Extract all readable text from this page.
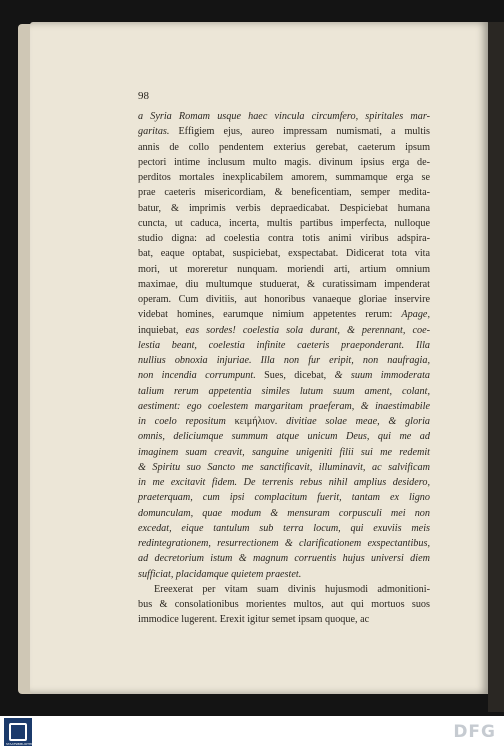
98
a Syria Romam usque haec vincula circumfero, spiritales mar-
garitas. Effigiem ejus, aureo impressam numismati, a multis
annis de collo pendentem exterius gerebat, caeterum ipsum
pectori intime inclusum multo magis. divinum ipsius erga de-
perditos mortales inexplicabilem amorem, summamque erga se
prae caeteris misericordiam, & beneficentiam, semper medita-
batur, & imprimis verbis depraedicabat. Despiciebat humana
cuncta, ut caduca, incerta, multis partibus imperfecta, nulloque
studio digna: ad coelestia contra totis animi viribus adspira-
bat, eaque optabat, suspiciebat, exspectabat. Didicerat tota vita
mori, ut moreretur nunquam. moriendi arti, artium omnium
maximae, diu multumque studuerat, & curatissimam impenderat
operam. Cum divitiis, aut honoribus vanaeque gloriae inservire
videbat homines, earumque nimium appetentes rerum: Apage,
inquiebat, eas sordes! coelestia sola durant, & perennant, coe-
lestia beant, coelestia infinite caeteris praeponderant. Illa
nullius obnoxia injuriae. Illa non fur eripit, non naufragia,
non incendia corrumpunt. Sues, dicebat, & suum immoderata
talium rerum appetentia similes lutum suum ament, colant,
aestiment: ego coelestem margaritam praeferam, & inaestimabile
in coelo repositum κειμήλιον. divitiae solae meae, & gloria
omnis, deliciumque summum atque unicum Deus, qui me ad
imaginem suam creavit, sanguine unigeniti filii sui me redemit
& Spiritu suo Sancto me sanctificavit, illuminavit, ac salvificam
in me excitavit fidem. De terrenis rebus nihil amplius desidero,
praeterquam, cum ipsi complacitum fuerit, tantam ex ligno
domunculam, quae modum & mensuram corpusculi mei non
excedat, eique tantulum sub terra locum, qui exuviis meis
redintegrationem, resurrectionem & clarificationem exspectantibus,
ad decretorium istum & magnum corruentis hujus universi diem
sufficiat, placidamque quietem praestet.
Ereexerat per vitam suam divinis hujusmodi admonitioni-
bus & consolationibus morientes multos, aut qui mortuos suos
immodice lugerent. Erexit igitur semet ipsam quoque, ac
STAATSBIBLIOTHEK
DFG
